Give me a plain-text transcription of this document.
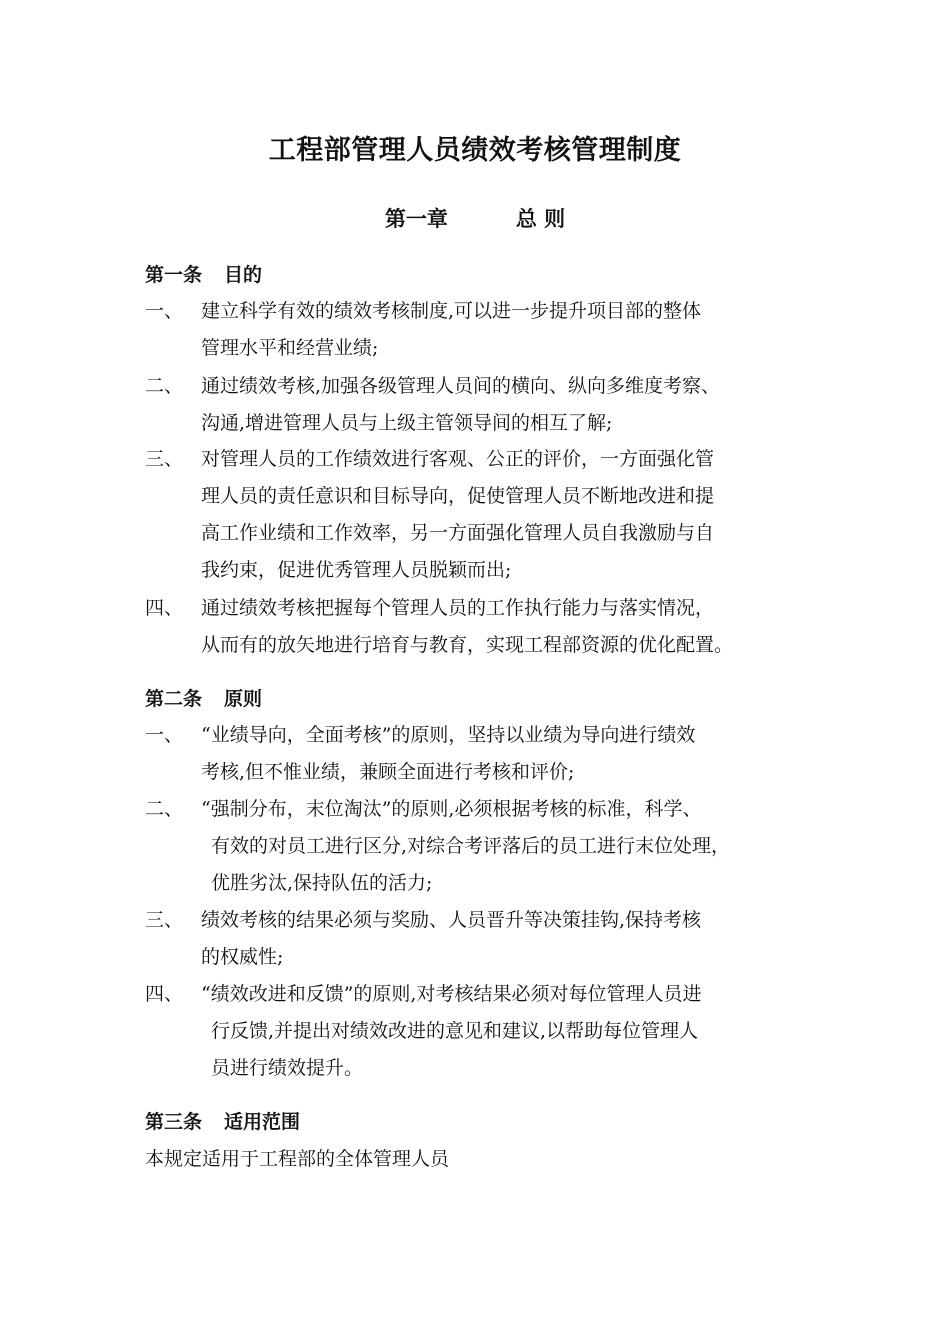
工程部管理人员绩效考核管理制度
第一章	总 则
第一条 目的
一、 建立科学有效的绩效考核制度,可以进一步提升项目部的整体
管理水平和经营业绩;
二、 通过绩效考核,加强各级管理人员间的横向、纵向多维度考察、
沟通,增进管理人员与上级主管领导间的相互了解;
三、 对管理人员的工作绩效进行客观、公正的评价，一方面强化管
理人员的责任意识和目标导向，促使管理人员不断地改进和提
高工作业绩和工作效率，另一方面强化管理人员自我激励与自
我约束，促进优秀管理人员脱颖而出;
四、 通过绩效考核把握每个管理人员的工作执行能力与落实情况，
从而有的放矢地进行培育与教育，实现工程部资源的优化配置。
第二条 原则
一、 “业绩导向，全面考核”的原则，坚持以业绩为导向进行绩效
考核,但不惟业绩，兼顾全面进行考核和评价;
二、 “强制分布，末位淘汰”的原则,必须根据考核的标准，科学、
有效的对员工进行区分,对综合考评落后的员工进行末位处理，
优胜劣汰,保持队伍的活力;
三、 绩效考核的结果必须与奖励、人员晋升等决策挂钩,保持考核
的权威性;
四、 “绩效改进和反馈”的原则,对考核结果必须对每位管理人员进
行反馈,并提出对绩效改进的意见和建议,以帮助每位管理人
员进行绩效提升。
第三条 适用范围
本规定适用于工程部的全体管理人员
